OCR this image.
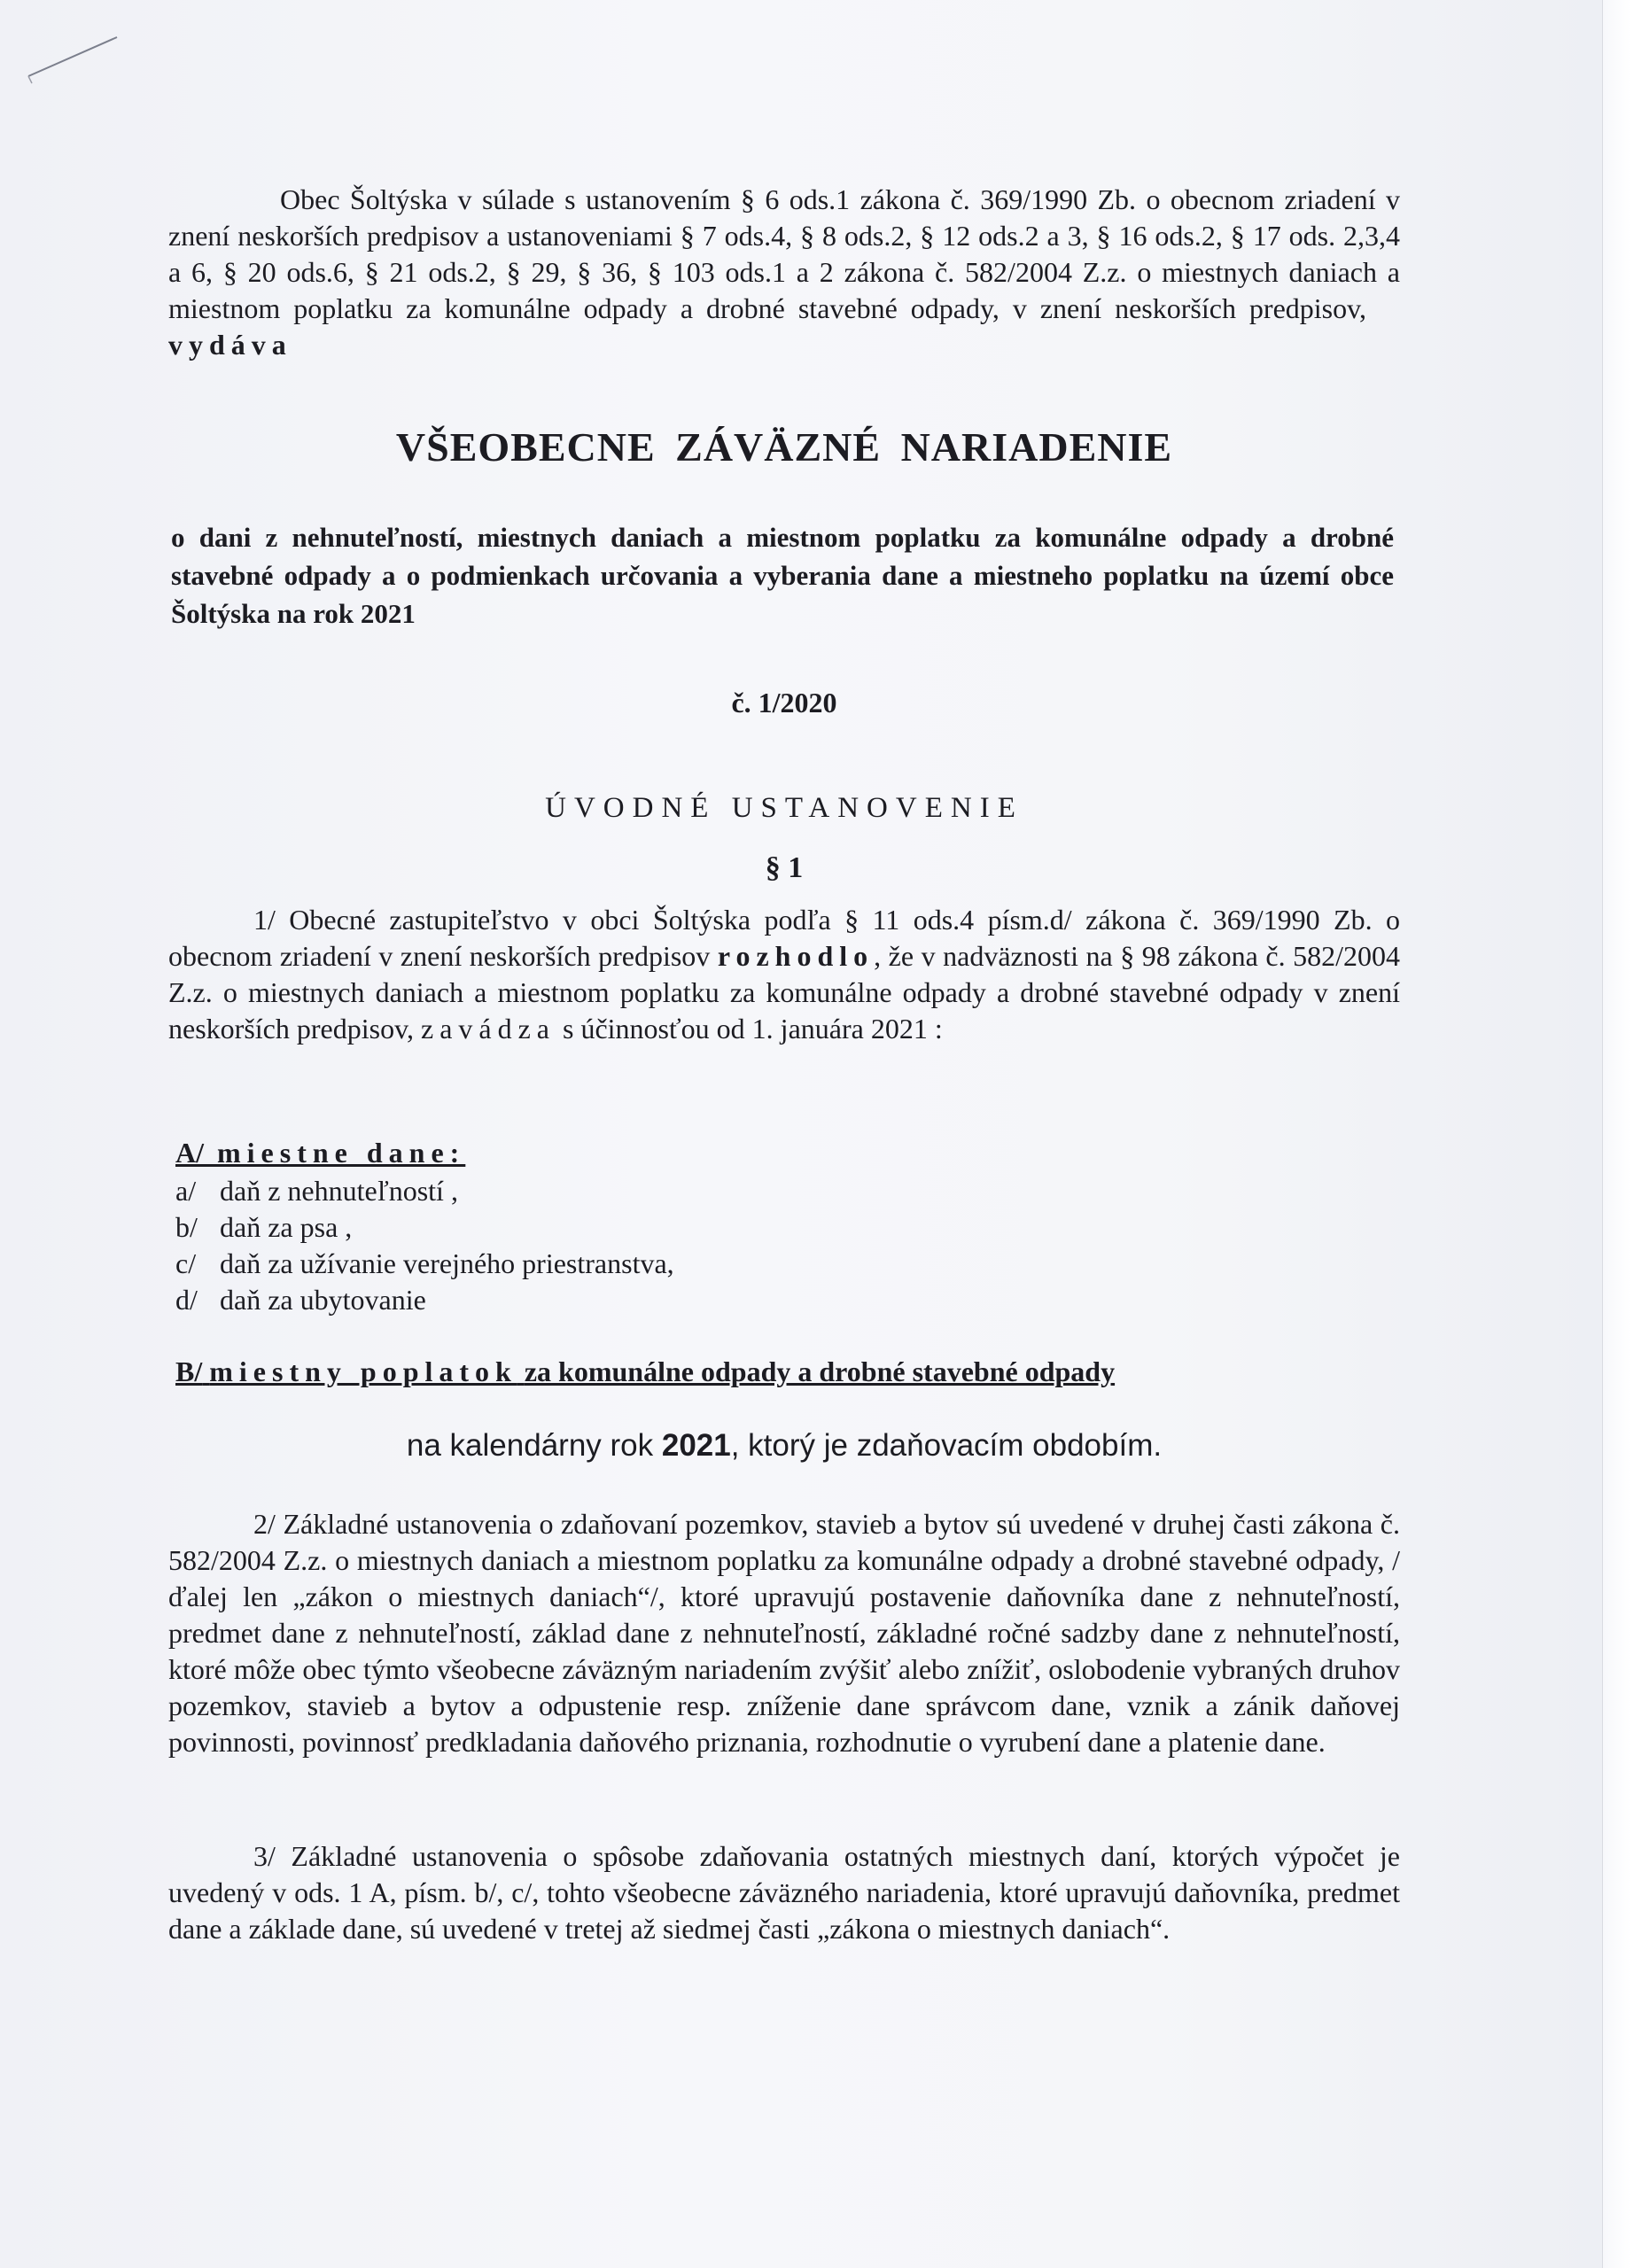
Obec Šoltýska v súlade s ustanovením § 6 ods.1 zákona č. 369/1990 Zb. o obecnom zriadení v znení neskorších predpisov a ustanoveniami § 7 ods.4, § 8 ods.2, § 12 ods.2 a 3, § 16 ods.2, § 17 ods. 2,3,4 a 6, § 20 ods.6, § 21 ods.2, § 29, § 36, § 103 ods.1 a 2 zákona č. 582/2004 Z.z. o miestnych daniach a miestnom poplatku za komunálne odpady a drobné stavebné odpady, v znení neskorších predpisov,    vydáva
VŠEOBECNE ZÁVÄZNÉ NARIADENIE
o dani z nehnuteľností, miestnych daniach a miestnom poplatku za komunálne odpady a drobné stavebné odpady a o podmienkach určovania a vyberania dane a miestneho poplatku na území obce Šoltýska na rok 2021
č. 1/2020
ÚVODNÉ USTANOVENIE
§ 1
1/ Obecné zastupiteľstvo v obci Šoltýska podľa § 11 ods.4 písm.d/ zákona č. 369/1990 Zb. o obecnom zriadení v znení neskorších predpisov rozhodlo, že v nadväznosti na § 98 zákona č. 582/2004 Z.z. o miestnych daniach a miestnom poplatku za komunálne odpady a drobné stavebné odpady v znení neskorších predpisov, zavádza s účinnosťou od 1. januára 2021 :
A/ miestne dane:
a/ daň z nehnuteľností ,
b/ daň za psa ,
c/ daň za užívanie verejného priestranstva,
d/ daň za ubytovanie
B/ miestny poplatok za komunálne odpady a drobné stavebné odpady
na kalendárny rok 2021, ktorý je zdaňovacím obdobím.
2/ Základné ustanovenia o zdaňovaní pozemkov, stavieb a bytov sú uvedené v druhej časti zákona č. 582/2004 Z.z. o miestnych daniach a miestnom poplatku za komunálne odpady a drobné stavebné odpady, /ďalej len „zákon o miestnych daniach“/, ktoré upravujú postavenie daňovníka dane z nehnuteľností, predmet dane z nehnuteľností, základ dane z nehnuteľností, základné ročné sadzby dane z nehnuteľností, ktoré môže obec týmto všeobecne záväzným nariadením zvýšiť alebo znížiť, oslobodenie vybraných druhov pozemkov, stavieb a bytov a odpustenie resp. zníženie dane správcom dane, vznik a zánik daňovej povinnosti, povinnosť predkladania daňového priznania, rozhodnutie o vyrubení dane a platenie dane.
3/ Základné ustanovenia o spôsobe zdaňovania ostatných miestnych daní, ktorých výpočet je uvedený v ods. 1 A, písm. b/, c/, tohto všeobecne záväzného nariadenia, ktoré upravujú daňovníka, predmet dane a základe dane, sú uvedené v tretej až siedmej časti „zákona o miestnych daniach“.
